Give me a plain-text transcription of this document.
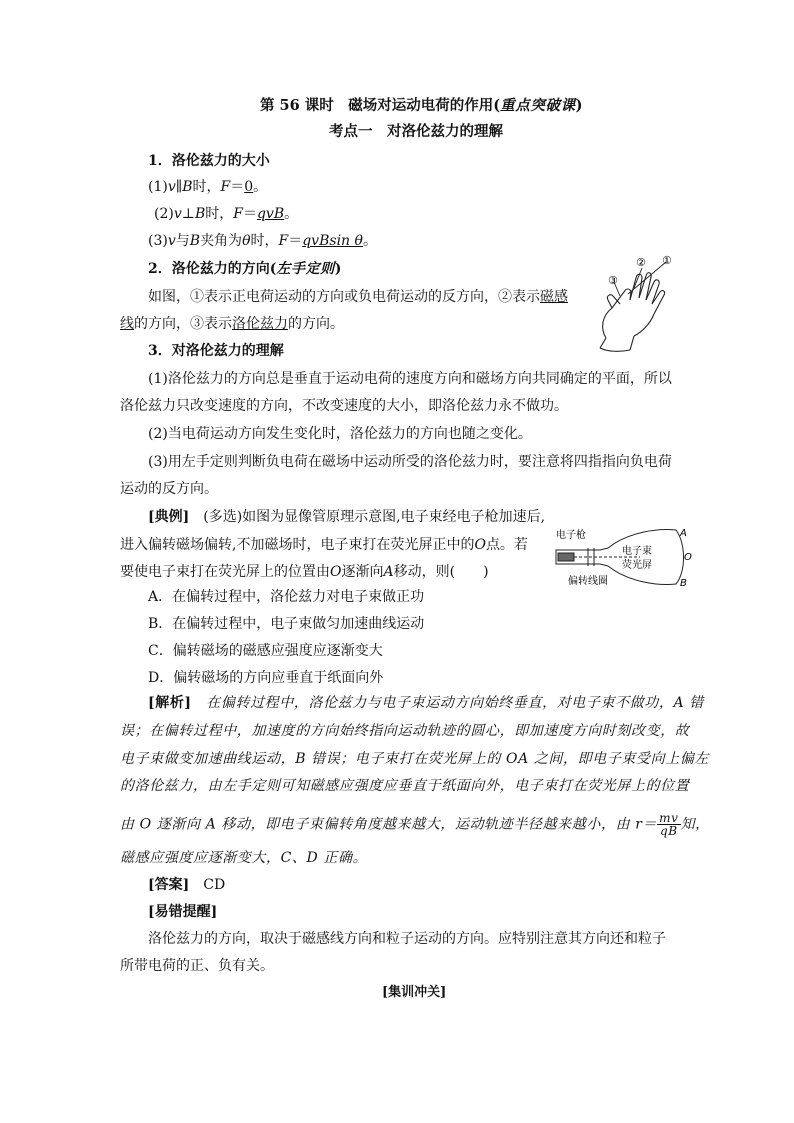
第 56 课时　磁场对运动电荷的作用(重点突破课)
考点一　对洛伦兹力的理解
1．洛伦兹力的大小
(1)v∥B时，F＝0。
(2)v⊥B时，F＝qvB。
(3)v与B夹角为θ时，F＝qvBsin θ。
2．洛伦兹力的方向(左手定则)
如图，①表示正电荷运动的方向或负电荷运动的反方向，②表示磁感
线的方向，③表示洛伦兹力的方向。
①
②
③
3．对洛伦兹力的理解
(1)洛伦兹力的方向总是垂直于运动电荷的速度方向和磁场方向共同确定的平面，所以
洛伦兹力只改变速度的方向，不改变速度的大小，即洛伦兹力永不做功。
(2)当电荷运动方向发生变化时，洛伦兹力的方向也随之变化。
(3)用左手定则判断负电荷在磁场中运动所受的洛伦兹力时，要注意将四指指向负电荷
运动的反方向。
[典例]　 (多选)如图为显像管原理示意图,电子束经电子枪加速后,
进入偏转磁场偏转,不加磁场时，电子束打在荧光屏正中的O点。若
要使电子束打在荧光屏上的位置由O逐渐向A移动，则(　　)
A．在偏转过程中，洛伦兹力对电子束做正功
B．在偏转过程中，电子束做匀加速曲线运动
C．偏转磁场的磁感应强度应逐渐变大
D．偏转磁场的方向应垂直于纸面向外
电子枪
电子束
荧光屏
偏转线圈
A
O
B
[解析]　 在偏转过程中，洛伦兹力与电子束运动方向始终垂直，对电子束不做功，A 错
误；在偏转过程中，加速度的方向始终指向运动轨迹的圆心，即加速度方向时刻改变，故
电子束做变加速曲线运动，B 错误；电子束打在荧光屏上的 OA 之间，即电子束受向上偏左
的洛伦兹力，由左手定则可知磁感应强度应垂直于纸面向外，电子束打在荧光屏上的位置
由 O 逐渐向 A 移动，即电子束偏转角度越来越大，运动轨迹半径越来越小，由 $r= \frac{mv}{qB}$ 知，
磁感应强度应逐渐变大，C、D 正确。
[答案]　 CD
[易错提醒]
洛伦兹力的方向，取决于磁感线方向和粒子运动的方向。应特别注意其方向还和粒子
所带电荷的正、负有关。
[集训冲关]
